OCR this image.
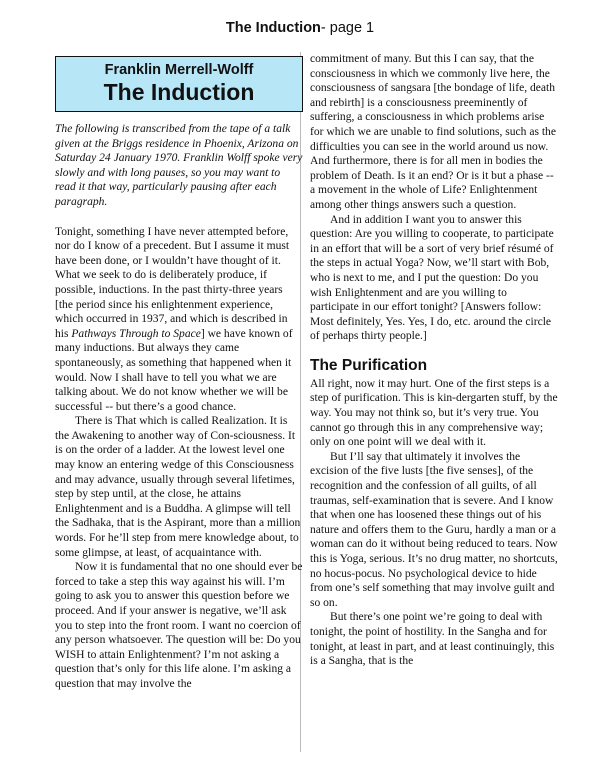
The Induction- page 1
Franklin Merrell-Wolff
The Induction

The following is transcribed from the tape of a talk given at the Briggs residence in Phoenix, Arizona on Saturday 24 January 1970. Franklin Wolff spoke very slowly and with long pauses, so you may want to read it that way, particularly pausing after each paragraph.

Tonight, something I have never attempted before, nor do I know of a precedent. But I assume it must have been done, or I wouldn’t have thought of it. What we seek to do is deliberately produce, if possible, inductions. In the past thirty-three years [the period since his enlightenment experience, which occurred in 1937, and which is described in his Pathways Through to Space] we have known of many inductions. But always they came spontaneously, as something that happened when it would. Now I shall have to tell you what we are talking about. We do not know whether we will be successful -- but there’s a good chance.

There is That which is called Realization. It is the Awakening to another way of Con-sciousness. It is on the order of a ladder. At the lowest level one may know an entering wedge of this Consciousness and may advance, usually through several lifetimes, step by step until, at the close, he attains Enlightenment and is a Buddha. A glimpse will tell the Sadhaka, that is the Aspirant, more than a million words. For he’ll step from mere knowledge about, to some glimpse, at least, of acquaintance with.

Now it is fundamental that no one should ever be forced to take a step this way against his will. I’m going to ask you to answer this question before we proceed. And if your answer is negative, we’ll ask you to step into the front room. I want no coercion of any person whatsoever. The question will be: Do you WISH to attain Enlightenment? I’m not asking a question that’s only for this life alone. I’m asking a question that may involve the

commitment of many. But this I can say, that the consciousness in which we commonly live here, the consciousness of sangsara [the bondage of life, death and rebirth] is a consciousness preeminently of suffering, a consciousness in which problems arise for which we are unable to find solutions, such as the difficulties you can see in the world around us now. And furthermore, there is for all men in bodies the problem of Death. Is it an end? Or is it but a phase -- a movement in the whole of Life? Enlightenment among other things answers such a question.

And in addition I want you to answer this question: Are you willing to cooperate, to participate in an effort that will be a sort of very brief résumé of the steps in actual Yoga? Now, we’ll start with Bob, who is next to me, and I put the question: Do you wish Enlightenment and are you willing to participate in our effort tonight? [Answers follow: Most definitely, Yes. Yes, I do, etc. around the circle of perhaps thirty people.]

The Purification

All right, now it may hurt. One of the first steps is a step of purification. This is kin-dergarten stuff, by the way. You may not think so, but it’s very true. You cannot go through this in any comprehensive way; only on one point will we deal with it.

But I’ll say that ultimately it involves the excision of the five lusts [the five senses], of the recognition and the confession of all guilts, of all traumas, self-examination that is severe. And I know that when one has loosened these things out of his nature and offers them to the Guru, hardly a man or a woman can do it without being reduced to tears. Now this is Yoga, serious. It’s no drug matter, no shortcuts, no hocus-pocus. No psychological device to hide from one’s self something that may involve guilt and so on.

But there’s one point we’re going to deal with tonight, the point of hostility. In the Sangha and for tonight, at least in part, and at least continuingly, this is a Sangha, that is the
